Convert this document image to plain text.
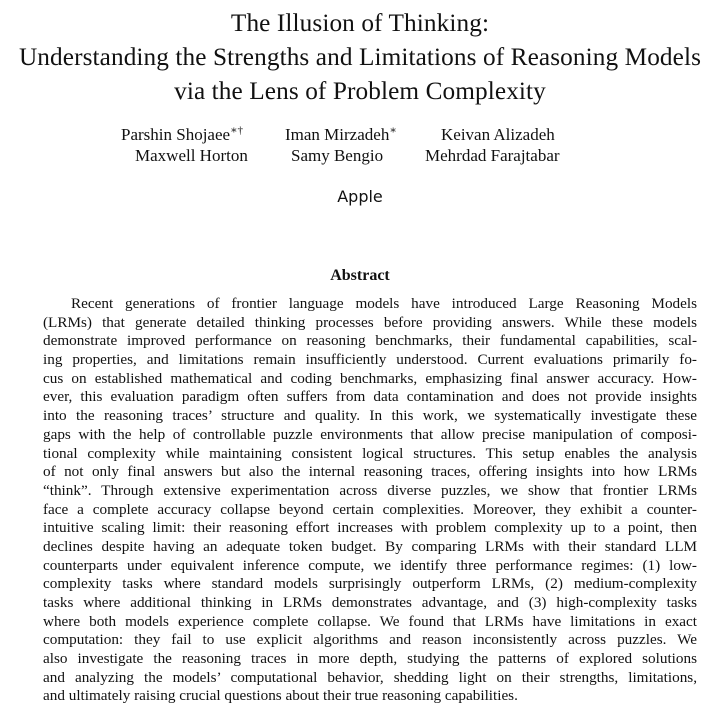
The Illusion of Thinking:
Understanding the Strengths and Limitations of Reasoning Models
via the Lens of Problem Complexity
Parshin Shojaee∗† Iman Mirzadeh∗	Keivan Alizadeh
Maxwell Horton	Samy Bengio Mehrdad Farajtabar
Apple
Abstract
Recent generations of frontier language models have introduced Large Reasoning Models
(LRMs) that generate detailed thinking processes before providing answers. While these models
demonstrate improved performance on reasoning benchmarks, their fundamental capabilities, scal-
ing properties, and limitations remain insufficiently understood. Current evaluations primarily fo-
cus on established mathematical and coding benchmarks, emphasizing final answer accuracy. How-
ever, this evaluation paradigm often suffers from data contamination and does not provide insights
into the reasoning traces’ structure and quality. In this work, we systematically investigate these
gaps with the help of controllable puzzle environments that allow precise manipulation of composi-
tional complexity while maintaining consistent logical structures. This setup enables the analysis
of not only final answers but also the internal reasoning traces, offering insights into how LRMs
“think”. Through extensive experimentation across diverse puzzles, we show that frontier LRMs
face a complete accuracy collapse beyond certain complexities. Moreover, they exhibit a counter-
intuitive scaling limit: their reasoning effort increases with problem complexity up to a point, then
declines despite having an adequate token budget. By comparing LRMs with their standard LLM
counterparts under equivalent inference compute, we identify three performance regimes: (1) low-
complexity tasks where standard models surprisingly outperform LRMs, (2) medium-complexity
tasks where additional thinking in LRMs demonstrates advantage, and (3) high-complexity tasks
where both models experience complete collapse. We found that LRMs have limitations in exact
computation: they fail to use explicit algorithms and reason inconsistently across puzzles. We
also investigate the reasoning traces in more depth, studying the patterns of explored solutions
and analyzing the models’ computational behavior, shedding light on their strengths, limitations,
and ultimately raising crucial questions about their true reasoning capabilities.
